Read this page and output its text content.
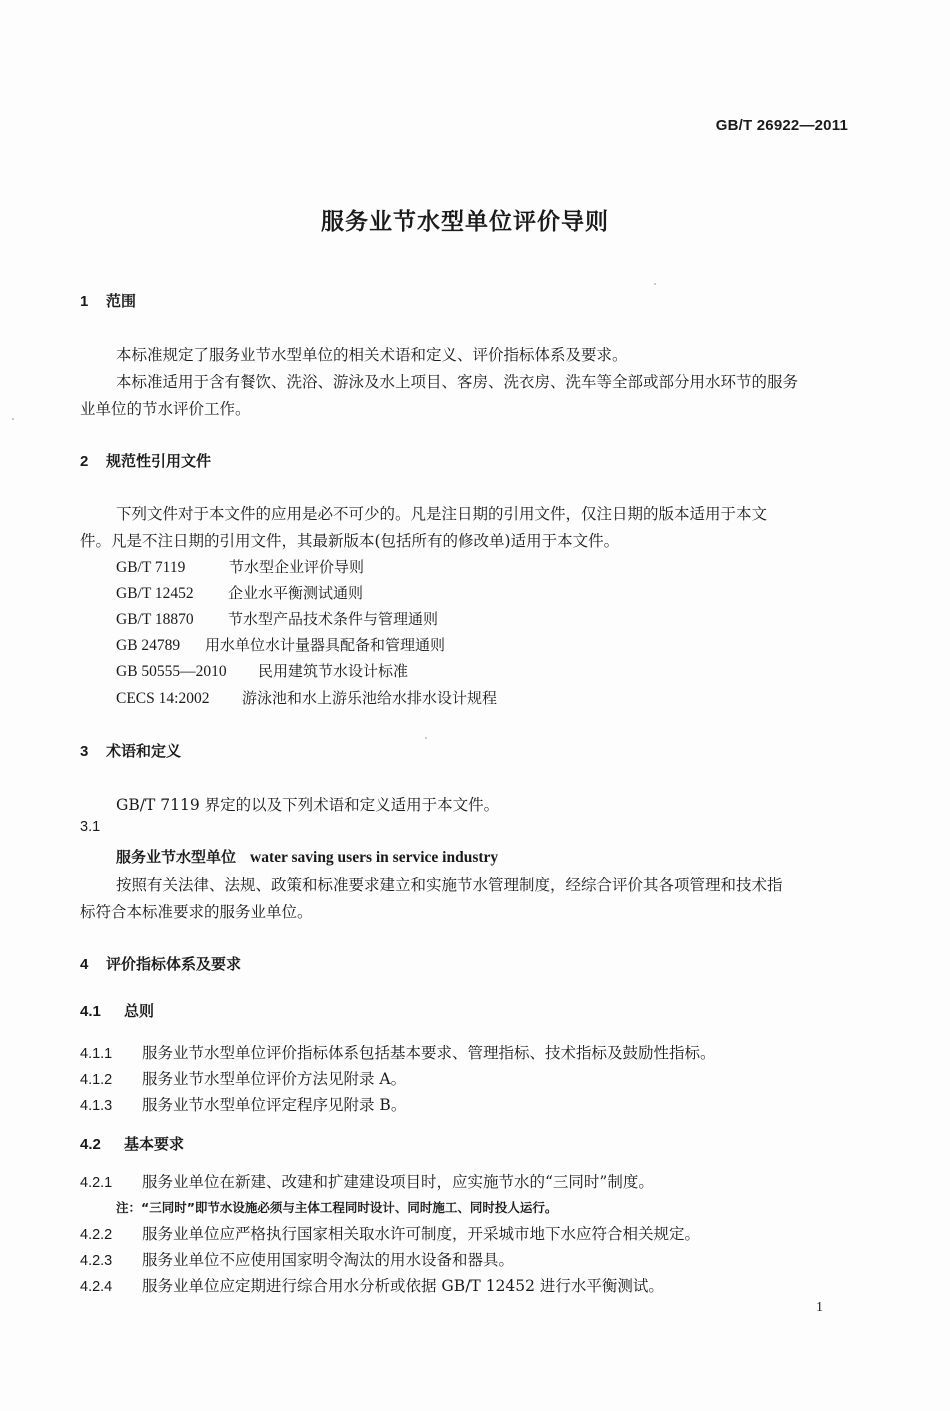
GB/T 26922—2011
服务业节水型单位评价导则
1 范围
本标准规定了服务业节水型单位的相关术语和定义、评价指标体系及要求。
本标准适用于含有餐饮、洗浴、游泳及水上项目、客房、洗衣房、洗车等全部或部分用水环节的服务
业单位的节水评价工作。
2 规范性引用文件
下列文件对于本文件的应用是必不可少的。凡是注日期的引用文件，仅注日期的版本适用于本文
件。凡是不注日期的引用文件，其最新版本(包括所有的修改单)适用于本文件。
GB/T 7119	节水型企业评价导则
GB/T 12452 企业水平衡测试通则
GB/T 18870 节水型产品技术条件与管理通则
GB 24789 用水单位水计量器具配备和管理通则
GB 50555—2010 民用建筑节水设计标准
CECS 14:2002 游泳池和水上游乐池给水排水设计规程
3 术语和定义
GB/T 7119 界定的以及下列术语和定义适用于本文件。
3.1
服务业节水型单位 water saving users in service industry
按照有关法律、法规、政策和标准要求建立和实施节水管理制度，经综合评价其各项管理和技术指
标符合本标准要求的服务业单位。
4 评价指标体系及要求
4.1 总则
4.1.1 服务业节水型单位评价指标体系包括基本要求、管理指标、技术指标及鼓励性指标。
4.1.2 服务业节水型单位评价方法见附录 A。
4.1.3 服务业节水型单位评定程序见附录 B。
4.2 基本要求
4.2.1 服务业单位在新建、改建和扩建建设项目时，应实施节水的“三同时”制度。
注：“三同时”即节水设施必须与主体工程同时设计、同时施工、同时投人运行。
4.2.2 服务业单位应严格执行国家相关取水许可制度，开采城市地下水应符合相关规定。
4.2.3 服务业单位不应使用国家明令淘汰的用水设备和器具。
4.2.4 服务业单位应定期进行综合用水分析或依据 GB/T 12452 进行水平衡测试。
1
